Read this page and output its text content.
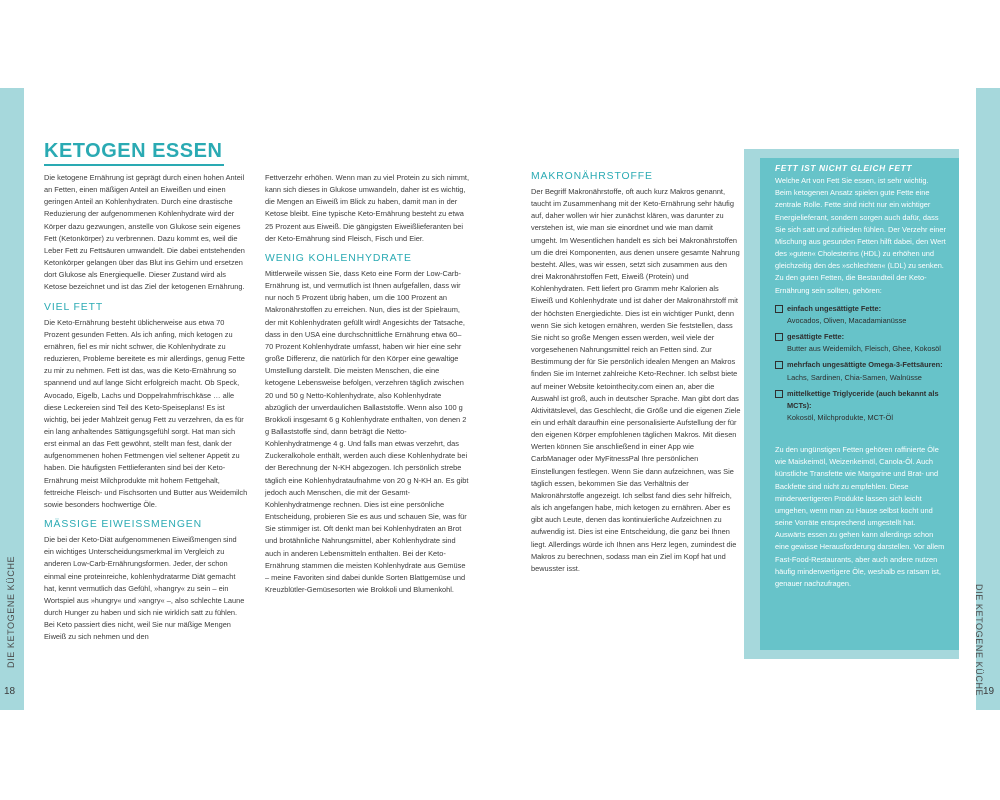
DIE KETOGENE KÜCHE	DIE KETOGENE KÜCHE
18	19
KETOGEN ESSEN

Die ketogene Ernährung ist geprägt durch einen hohen Anteil an Fetten, einen mäßigen Anteil an Eiweißen und einen geringen Anteil an Kohlenhydraten. Durch eine drastische Reduzierung der aufgenommenen Kohlenhydrate wird der Körper dazu gezwungen, anstelle von Glukose sein eigenes Fett (Ketonkörper) zu verbrennen. Dazu kommt es, weil die Leber Fett zu Fettsäuren umwandelt. Die dabei entstehenden Ketonkörper gelangen über das Blut ins Gehirn und ersetzen dort Glukose als Energiequelle. Dieser Zustand wird als Ketose bezeichnet und ist das Ziel der ketogenen Ernährung.

VIEL FETT

Die Keto-Ernährung besteht üblicherweise aus etwa 70 Prozent gesunden Fetten. Als ich anfing, mich ketogen zu ernähren, fiel es mir nicht schwer, die Kohlenhydrate zu reduzieren, Probleme bereitete es mir allerdings, genug Fette zu mir zu nehmen. Fett ist das, was die Keto-Ernährung so spannend und auf lange Sicht erfolgreich macht. Ob Speck, Avocado, Eigelb, Lachs und Doppelrahmfrischkäse … alle diese Leckereien sind Teil des Keto-Speiseplans! Es ist wichtig, bei jeder Mahlzeit genug Fett zu verzehren, da es für ein lang anhaltendes Sättigungsgefühl sorgt. Hat man sich erst einmal an das Fett gewöhnt, stellt man fest, dank der aufgenommenen hohen Fettmengen viel seltener Appetit zu haben. Die häufigsten Fettlieferanten sind bei der Keto-Ernährung meist Milchprodukte mit hohem Fettgehalt, fettreiche Fleisch- und Fischsorten und Butter aus Weidemilch sowie besonders hochwertige Öle.

MÄSSIGE EIWEISSMENGEN

Die bei der Keto-Diät aufgenommenen Eiweißmengen sind ein wichtiges Unterscheidungsmerkmal im Vergleich zu anderen Low-Carb-Ernährungsformen. Jeder, der schon einmal eine proteinreiche, kohlenhydratarme Diät gemacht hat, kennt vermutlich das Gefühl, »hangry« zu sein – ein Wortspiel aus »hungry« und »angry« –, also schlechte Laune durch Hunger zu haben und sich nie wirklich satt zu fühlen. Bei Keto passiert dies nicht, weil Sie nur mäßige Mengen Eiweiß zu sich nehmen und den

Fettverzehr erhöhen. Wenn man zu viel Protein zu sich nimmt, kann sich dieses in Glukose umwandeln, daher ist es wichtig, die Mengen an Eiweiß im Blick zu haben, damit man in der Ketose bleibt. Eine typische Keto-Ernährung besteht zu etwa 25 Prozent aus Eiweiß. Die gängigsten Eiweißlieferanten bei der Keto-Ernährung sind Fleisch, Fisch und Eier.

WENIG KOHLENHYDRATE

Mittlerweile wissen Sie, dass Keto eine Form der Low-Carb-Ernährung ist, und vermutlich ist Ihnen aufgefallen, dass wir nur noch 5 Prozent übrig haben, um die 100 Prozent an Makronährstoffen zu erreichen. Nun, dies ist der Spielraum, der mit Kohlenhydraten gefüllt wird! Angesichts der Tatsache, dass in den USA eine durchschnittliche Ernährung etwa 60–70 Prozent Kohlenhydrate umfasst, haben wir hier eine sehr große Differenz, die natürlich für den Körper eine gewaltige Umstellung darstellt. Die meisten Menschen, die eine ketogene Lebensweise befolgen, verzehren täglich zwischen 20 und 50 g Netto-Kohlenhydrate, also Kohlenhydrate abzüglich der unverdaulichen Ballaststoffe. Wenn also 100 g Brokkoli insgesamt 6 g Kohlenhydrate enthalten, von denen 2 g Ballaststoffe sind, dann beträgt die Netto-Kohlenhydratmenge 4 g. Und falls man etwas verzehrt, das Zuckeralkohole enthält, werden auch diese Kohlenhydrate bei der Berechnung der N-KH abgezogen. Ich persönlich strebe täglich eine Kohlenhydrataufnahme von 20 g N-KH an. Es gibt jedoch auch Menschen, die mit der Gesamt-Kohlenhydratmenge rechnen. Dies ist eine persönliche Entscheidung, probieren Sie es aus und schauen Sie, was für Sie stimmiger ist. Oft denkt man bei Kohlenhydraten an Brot und brotähnliche Nahrungsmittel, aber Kohlenhydrate sind auch in anderen Lebensmitteln enthalten. Bei der Keto-Ernährung stammen die meisten Kohlenhydrate aus Gemüse – meine Favoriten sind dabei dunkle Sorten Blattgemüse und Kreuzblütler-Gemüsesorten wie Brokkoli und Blumenkohl.

MAKRONÄHRSTOFFE

Der Begriff Makronährstoffe, oft auch kurz Makros genannt, taucht im Zusammenhang mit der Keto-Ernährung sehr häufig auf, daher wollen wir hier zunächst klären, was darunter zu verstehen ist, wie man sie einordnet und wie man damit umgeht. Im Wesentlichen handelt es sich bei Makronährstoffen um die drei Komponenten, aus denen unsere gesamte Nahrung besteht. Alles, was wir essen, setzt sich zusammen aus den drei Makronährstoffen Fett, Eiweiß (Protein) und Kohlenhydraten. Fett liefert pro Gramm mehr Kalorien als Eiweiß und Kohlenhydrate und ist daher der Makronährstoff mit der höchsten Energiedichte. Dies ist ein wichtiger Punkt, denn wenn Sie sich ketogen ernähren, werden Sie feststellen, dass Sie nicht so große Mengen essen werden, weil viele der vorgesehenen Nahrungsmittel reich an Fetten sind. Zur Bestimmung der für Sie persönlich idealen Mengen an Makros finden Sie im Internet zahlreiche Keto-Rechner. Ich selbst biete auf meiner Website ketointhecity.com einen an, aber die Auswahl ist groß, auch in deutscher Sprache. Man gibt dort das Aktivitätslevel, das Geschlecht, die Größe und die eigenen Ziele ein und erhält daraufhin eine personalisierte Aufstellung der für den eigenen Körper empfohlenen täglichen Makros. Mit diesen Werten können Sie anschließend in einer App wie CarbManager oder MyFitnessPal Ihre persönlichen Einstellungen festlegen. Wenn Sie dann aufzeichnen, was Sie täglich essen, bekommen Sie das Verhältnis der Makronährstoffe angezeigt. Ich selbst fand dies sehr hilfreich, als ich angefangen habe, mich ketogen zu ernähren. Aber es gibt auch Leute, denen das kontinuierliche Aufzeichnen zu aufwendig ist. Dies ist eine Entscheidung, die ganz bei Ihnen liegt. Allerdings würde ich Ihnen ans Herz legen, zumindest die Makros zu berechnen, sodass man ein Ziel im Kopf hat und bewusster isst.

FETT IST NICHT GLEICH FETT

Welche Art von Fett Sie essen, ist sehr wichtig. Beim ketogenen Ansatz spielen gute Fette eine zentrale Rolle. Fette sind nicht nur ein wichtiger Energielieferant, sondern sorgen auch dafür, dass Sie sich satt und zufrieden fühlen. Der Verzehr einer Mischung aus gesunden Fetten hilft dabei, den Wert des »guten« Cholesterins (HDL) zu erhöhen und gleichzeitig den des »schlechten« (LDL) zu senken. Zu den guten Fetten, die Bestandteil der Keto-Ernährung sein sollten, gehören:

einfach ungesättigte Fette:
Avocados, Oliven, Macadamianüsse
gesättigte Fette:
Butter aus Weidemilch, Fleisch, Ghee, Kokosöl
mehrfach ungesättigte Omega-3-Fettsäuren:
Lachs, Sardinen, Chia-Samen, Walnüsse
mittelkettige Triglyceride (auch bekannt als MCTs):
Kokosöl, Milchprodukte, MCT-Öl

Zu den ungünstigen Fetten gehören raffinierte Öle wie Maiskeimöl, Weizenkeimöl, Canola-Öl. Auch künstliche Transfette wie Margarine und Brat- und Backfette sind nicht zu empfehlen. Diese minderwertigeren Produkte lassen sich leicht umgehen, wenn man zu Hause selbst kocht und seine Vorräte entsprechend umgestellt hat. Auswärts essen zu gehen kann allerdings schon eine gewisse Herausforderung darstellen. Vor allem Fast-Food-Restaurants, aber auch andere nutzen häufig minderwertigere Öle, weshalb es ratsam ist, genauer nachzufragen.
